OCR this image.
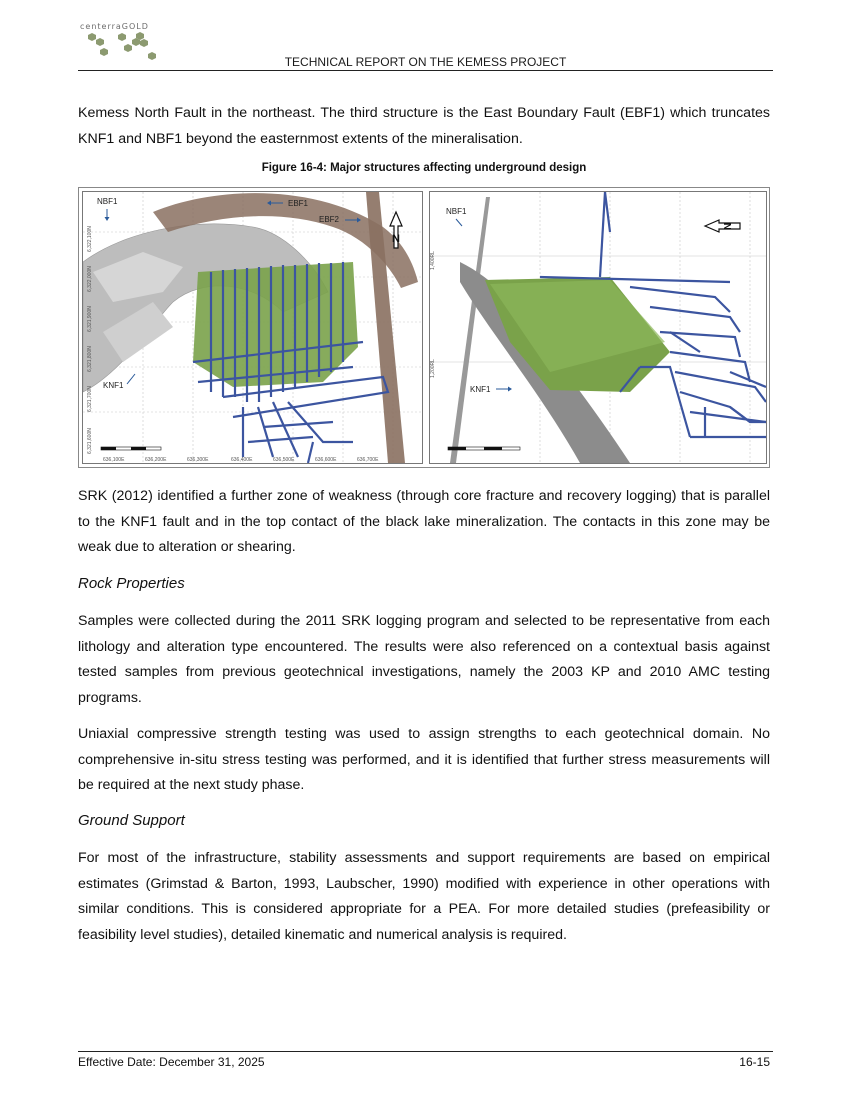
centerraGOLD
TECHNICAL REPORT ON THE KEMESS PROJECT

Kemess North Fault in the northeast. The third structure is the East Boundary Fault (EBF1) which truncates KNF1 and NBF1 beyond the easternmost extents of the mineralisation.

Figure 16-4: Major structures affecting underground design
NBF1	EBF1
EBF2
KNF1
N
6,322,100N
6,322,000N
6,321,900N
6,321,800N
6,321,700N
6,321,600N
636,100E	636,200E	636,300E	636,400E	636,500E	636,600E	636,700E
NBF1
KNF1
N
1,400RL
1,200RL

SRK (2012) identified a further zone of weakness (through core fracture and recovery logging) that is parallel to the KNF1 fault and in the top contact of the black lake mineralization. The contacts in this zone may be weak due to alteration or shearing.

Rock Properties

Samples were collected during the 2011 SRK logging program and selected to be representative from each lithology and alteration type encountered. The results were also referenced on a contextual basis against tested samples from previous geotechnical investigations, namely the 2003 KP and 2010 AMC testing programs.

Uniaxial compressive strength testing was used to assign strengths to each geotechnical domain. No comprehensive in-situ stress testing was performed, and it is identified that further stress measurements will be required at the next study phase.

Ground Support

For most of the infrastructure, stability assessments and support requirements are based on empirical estimates (Grimstad & Barton, 1993, Laubscher, 1990) modified with experience in other operations with similar conditions. This is considered appropriate for a PEA. For more detailed studies (prefeasibility or feasibility level studies), detailed kinematic and numerical analysis is required.

Effective Date: December 31, 2025	16-15
